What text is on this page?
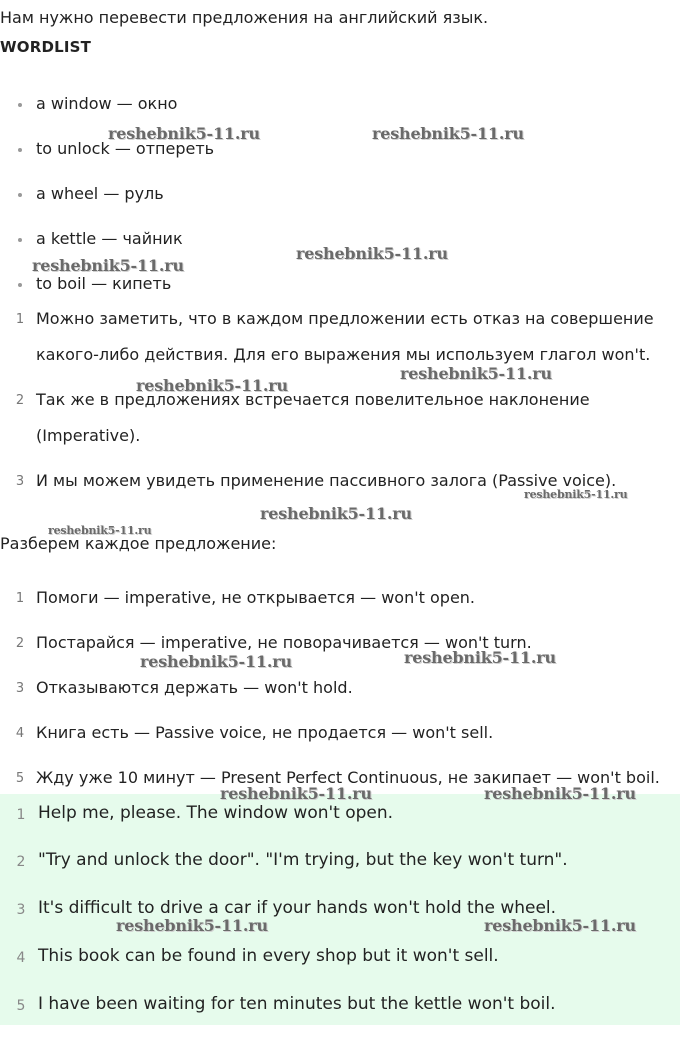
Нам нужно перевести предложения на английский язык.
WORDLIST
a window — окно
to unlock — отпереть
a wheel — руль
a kettle — чайник
to boil — кипеть
1 Можно заметить, что в каждом предложении есть отказ на совершение
какого-либо действия. Для его выражения мы используем глагол won't.
2 Так же в предложениях встречается повелительное наклонение
(Imperative).
3 И мы можем увидеть применение пассивного залога (Passive voice).
Разберем каждое предложение:
1 Помоги — imperative, не открывается — won't open.
2 Постарайся — imperative, не поворачивается — won't turn.
3 Отказываются держать — won't hold.
4 Книга есть — Passive voice, не продается — won't sell.
5 Жду уже 10 минут — Present Perfect Continuous, не закипает — won't boil.
1 Help me, please. The window won't open.
2 "Try and unlock the door". "I'm trying, but the key won't turn".
3 It's difficult to drive a car if your hands won't hold the wheel.
4 This book can be found in every shop but it won't sell.
5 I have been waiting for ten minutes but the kettle won't boil.
reshebnik5-11.ru	reshebnik5-11.ru
reshebnik5-11.ru
reshebnik5-11.ru
reshebnik5-11.ru
reshebnik5-11.ru
reshebnik5-11.ru
reshebnik5-11.ru
reshebnik5-11.ru
reshebnik5-11.ru	reshebnik5-11.ru
reshebnik5-11.ru	reshebnik5-11.ru
reshebnik5-11.ru	reshebnik5-11.ru
